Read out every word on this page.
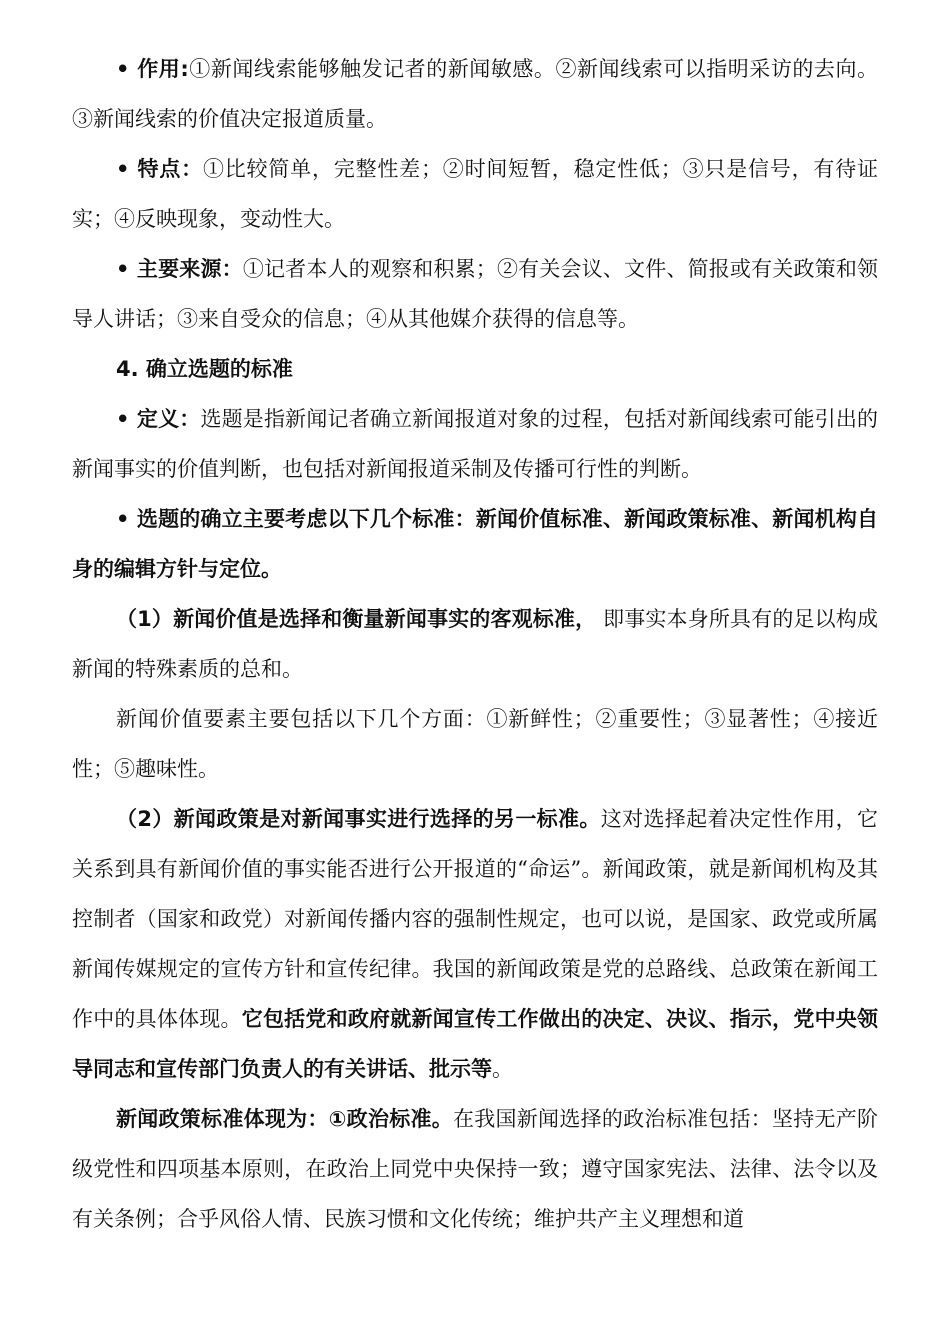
• 作用:①新闻线索能够触发记者的新闻敏感。②新闻线索可以指明采访的去向。③新闻线索的价值决定报道质量。

• 特点：①比较简单，完整性差；②时间短暂，稳定性低；③只是信号，有待证实；④反映现象，变动性大。

• 主要来源：①记者本人的观察和积累；②有关会议、文件、简报或有关政策和领导人讲话；③来自受众的信息；④从其他媒介获得的信息等。

4. 确立选题的标准

• 定义：选题是指新闻记者确立新闻报道对象的过程，包括对新闻线索可能引出的新闻事实的价值判断，也包括对新闻报道采制及传播可行性的判断。

• 选题的确立主要考虑以下几个标准：新闻价值标准、新闻政策标准、新闻机构自身的编辑方针与定位。

（1）新闻价值是选择和衡量新闻事实的客观标准， 即事实本身所具有的足以构成新闻的特殊素质的总和。

新闻价值要素主要包括以下几个方面：①新鲜性；②重要性；③显著性；④接近性；⑤趣味性。

（2）新闻政策是对新闻事实进行选择的另一标准。这对选择起着决定性作用，它关系到具有新闻价值的事实能否进行公开报道的“命运”。新闻政策，就是新闻机构及其控制者（国家和政党）对新闻传播内容的强制性规定，也可以说，是国家、政党或所属新闻传媒规定的宣传方针和宣传纪律。我国的新闻政策是党的总路线、总政策在新闻工作中的具体体现。它包括党和政府就新闻宣传工作做出的决定、决议、指示，党中央领导同志和宣传部门负责人的有关讲话、批示等。

新闻政策标准体现为：①政治标准。在我国新闻选择的政治标准包括：坚持无产阶级党性和四项基本原则，在政治上同党中央保持一致；遵守国家宪法、法律、法令以及有关条例；合乎风俗人情、民族习惯和文化传统；维护共产主义理想和道
